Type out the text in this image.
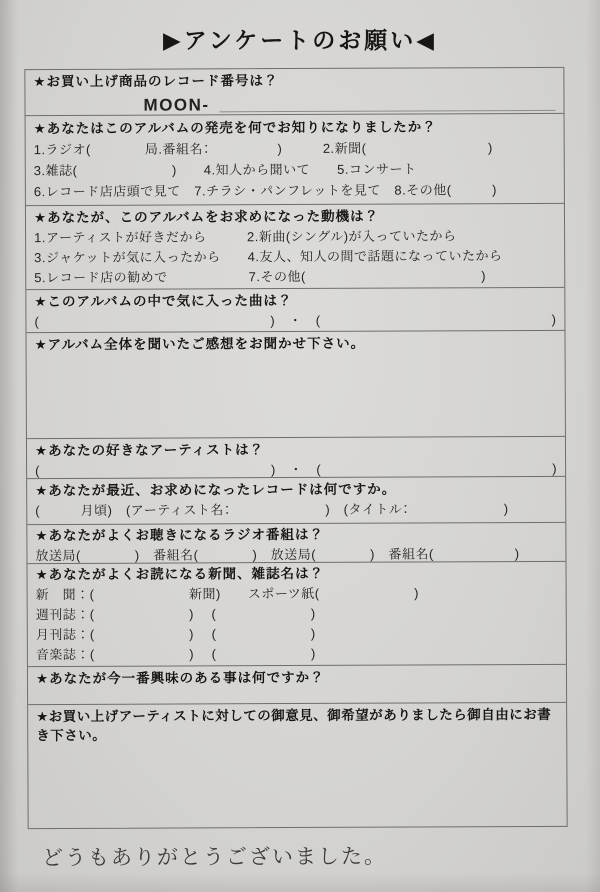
▶アンケートのお願い◀
★お買い上げ商品のレコード番号は？
MOON-
★あなたはこのアルバムの発売を何でお知りになりましたか？
1.ラジオ(　　　　局.番組名：　　　　　)　　　2.新聞(　　　　　　　　　)
3.雑誌(　　　　　　　)　　4.知人から聞いて　　5.コンサート
6.レコード店店頭で見て　7.チラシ・パンフレットを見て　8.その他(　　　)
★あなたが、このアルバムをお求めになった動機は？
1.アーティストが好きだから　　　2.新曲(シングル)が入っていたから
3.ジャケットが気に入ったから　　4.友人、知人の間で話題になっていたから
5.レコード店の勧めで　　　　　　7.その他(　　　　　　　　　　　　　)
★このアルバムの中で気に入った曲は？
(	)　・　(	)
★アルバム全体を聞いたご感想をお聞かせ下さい。
★あなたの好きなアーティストは？
(	)　・　(	)
★あなたが最近、お求めになったレコードは何ですか。
(　　　月頃)　(アーティスト名：　　　　　　　)　(タイトル：　　　　　　　)
★あなたがよくお聴きになるラジオ番組は？
放送局(　　　　)　番組名(　　　　)　放送局(　　　　)　番組名(　　　　　　)
★あなたがよくお読になる新聞、雑誌名は？
新　聞：(　　　　　　　新聞)　　スポーツ紙(　　　　　　　)
週刊誌：(　　　　　　　)　 (　　　　　　　)
月刊誌：(　　　　　　　)　 (　　　　　　　)
音楽誌：(　　　　　　　)　 (　　　　　　　)
★あなたが今一番興味のある事は何ですか？
★お買い上げアーティストに対しての御意見、御希望がありましたら御自由にお書き下さい。
どうもありがとうございました。
